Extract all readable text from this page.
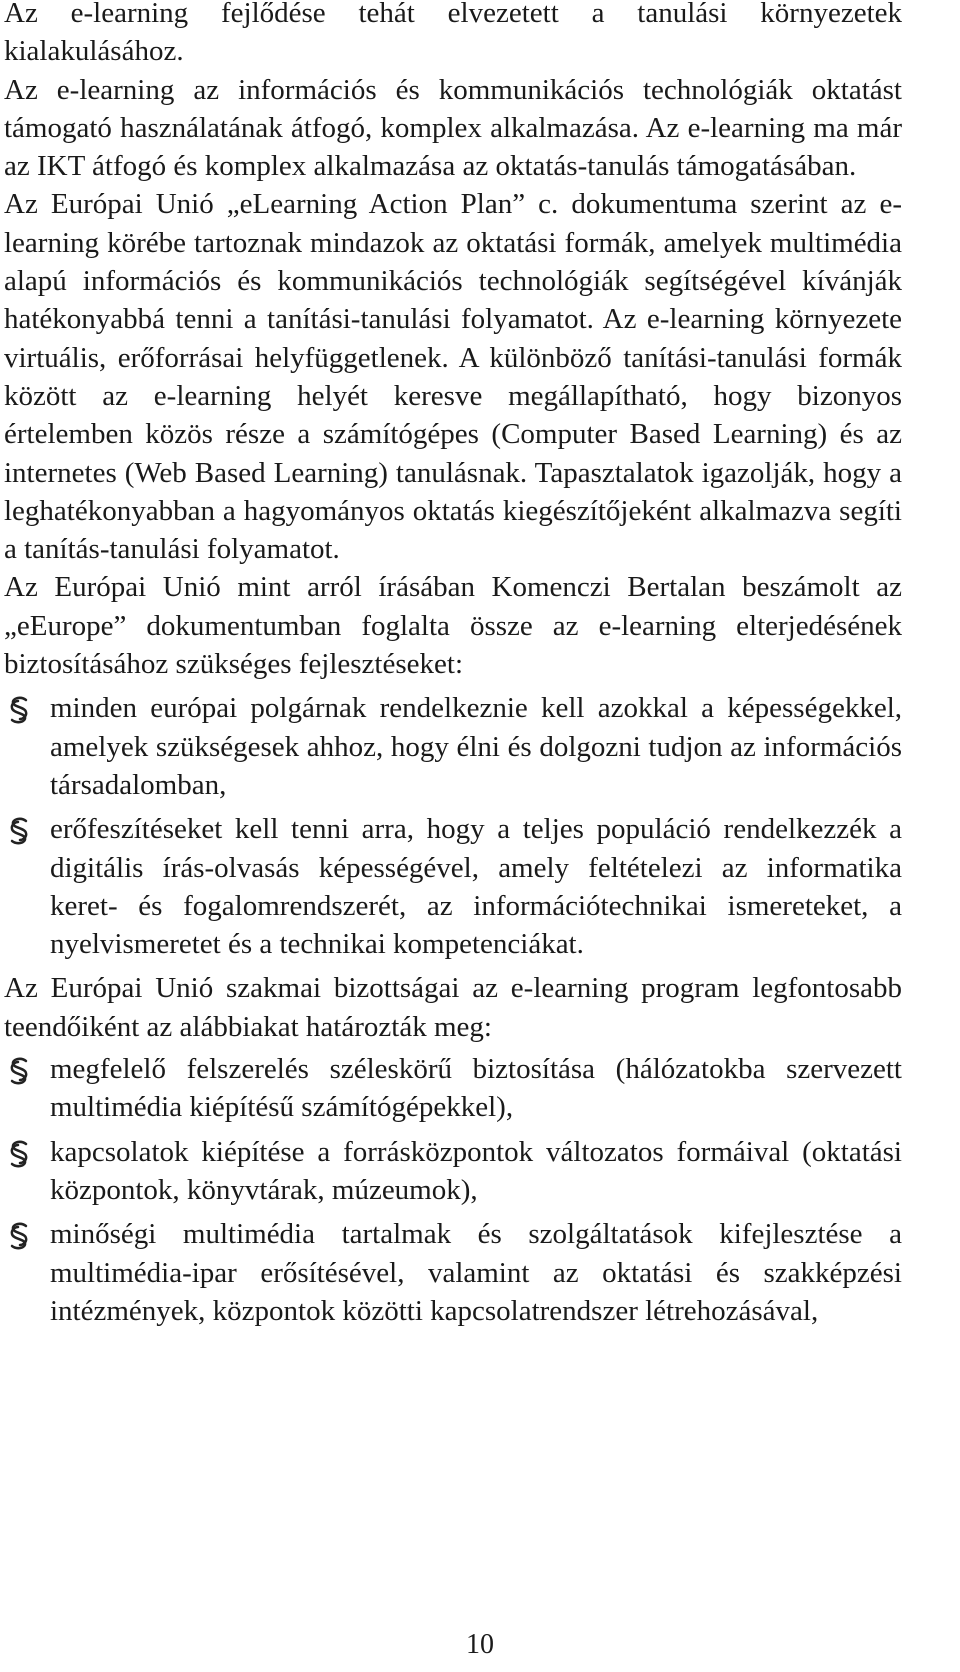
Az e-learning fejlődése tehát elvezetett a tanulási környezetek kialakulásához.

Az e-learning az információs és kommunikációs technológiák oktatást támogató használatának átfogó, komplex alkalmazása. Az e-learning ma már az IKT átfogó és komplex alkalmazása az oktatás-tanulás támogatásában.

Az Európai Unió „eLearning Action Plan” c. dokumentuma szerint az e-learning körébe tartoznak mindazok az oktatási formák, amelyek multimédia alapú információs és kommunikációs technológiák segítségével kívánják hatékonyabbá tenni a tanítási-tanulási folyamatot. Az e-learning környezete virtuális, erőforrásai helyfüggetlenek. A különböző tanítási-tanulási formák között az e-learning helyét keresve megállapítható, hogy bizonyos értelemben közös része a számítógépes (Computer Based Learning) és az internetes (Web Based Learning) tanulásnak. Tapasztalatok igazolják, hogy a leghatékonyabban a hagyományos oktatás kiegészítőjeként alkalmazva segíti a tanítás-tanulási folyamatot.

Az Európai Unió mint arról írásában Komenczi Bertalan beszámolt az „eEurope” dokumentumban foglalta össze az e-learning elterjedésének biztosításához szükséges fejlesztéseket:

minden európai polgárnak rendelkeznie kell azokkal a képességekkel, amelyek szükségesek ahhoz, hogy élni és dolgozni tudjon az információs társadalomban,
erőfeszítéseket kell tenni arra, hogy a teljes populáció rendelkezzék a digitális írás-olvasás képességével, amely feltételezi az informatika keret- és fogalomrendszerét, az információtechnikai ismereteket, a nyelvismeretet és a technikai kompetenciákat.

Az Európai Unió szakmai bizottságai az e-learning program legfontosabb teendőiként az alábbiakat határozták meg:

megfelelő felszerelés széleskörű biztosítása (hálózatokba szervezett multimédia kiépítésű számítógépekkel),
kapcsolatok kiépítése a forrásközpontok változatos formáival (oktatási központok, könyvtárak, múzeumok),
minőségi multimédia tartalmak és szolgáltatások kifejlesztése a multimédia-ipar erősítésével, valamint az oktatási és szakképzési intézmények, központok közötti kapcsolatrendszer létrehozásával,
10
